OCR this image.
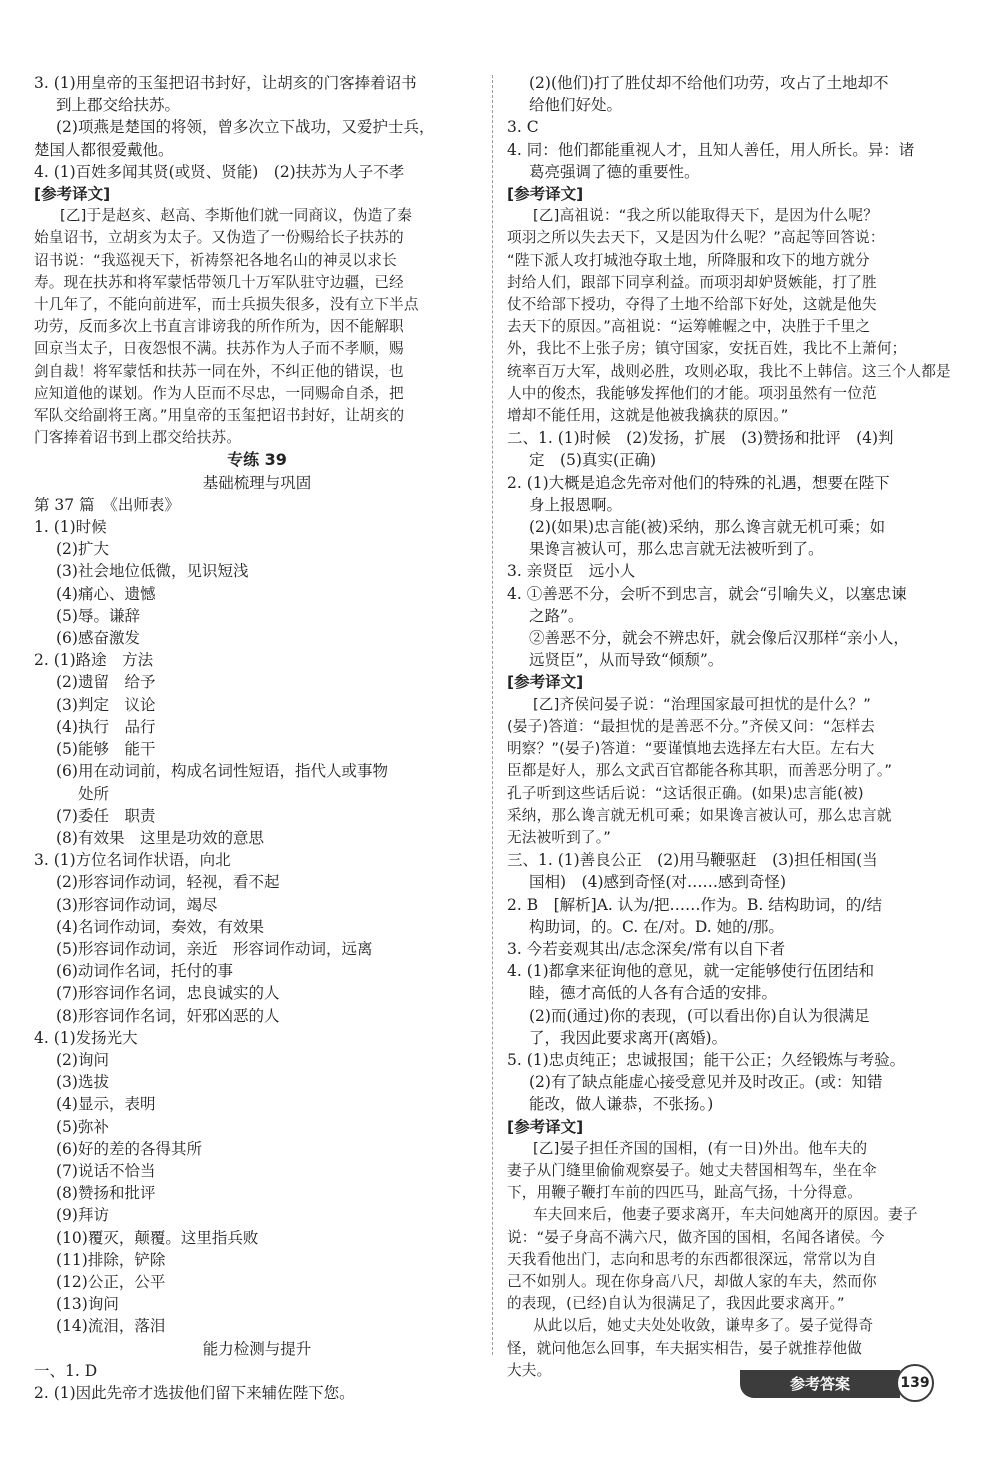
3. (1)用皇帝的玉玺把诏书封好，让胡亥的门客捧着诏书
到上郡交给扶苏。
(2)项燕是楚国的将领，曾多次立下战功，又爱护士兵，
楚国人都很爱戴他。
4. (1)百姓多闻其贤(或贤、贤能)　(2)扶苏为人子不孝
[参考译文]
[乙]于是赵亥、赵高、李斯他们就一同商议，伪造了秦
始皇诏书，立胡亥为太子。又伪造了一份赐给长子扶苏的
诏书说：“我巡视天下，祈祷祭祀各地名山的神灵以求长
寿。现在扶苏和将军蒙恬带领几十万军队驻守边疆，已经
十几年了，不能向前进军，而士兵损失很多，没有立下半点
功劳，反而多次上书直言诽谤我的所作所为，因不能解职
回京当太子，日夜怨恨不满。扶苏作为人子而不孝顺，赐
剑自裁！将军蒙恬和扶苏一同在外，不纠正他的错误，也
应知道他的谋划。作为人臣而不尽忠，一同赐命自杀，把
军队交给副将王离。”用皇帝的玉玺把诏书封好，让胡亥的
门客捧着诏书到上郡交给扶苏。
专练 39
基础梳理与巩固
第 37 篇　《出师表》
1. (1)时候
(2)扩大
(3)社会地位低微，见识短浅
(4)痛心、遗憾
(5)辱。谦辞
(6)感奋激发
2. (1)路途　方法
(2)遗留　给予
(3)判定　议论
(4)执行　品行
(5)能够　能干
(6)用在动词前，构成名词性短语，指代人或事物
处所
(7)委任　职责
(8)有效果　这里是功效的意思
3. (1)方位名词作状语，向北
(2)形容词作动词，轻视，看不起
(3)形容词作动词，竭尽
(4)名词作动词，奏效，有效果
(5)形容词作动词，亲近　形容词作动词，远离
(6)动词作名词，托付的事
(7)形容词作名词，忠良诚实的人
(8)形容词作名词，奸邪凶恶的人
4. (1)发扬光大
(2)询问
(3)选拔
(4)显示，表明
(5)弥补
(6)好的差的各得其所
(7)说话不恰当
(8)赞扬和批评
(9)拜访
(10)覆灭，颠覆。这里指兵败
(11)排除，铲除
(12)公正，公平
(13)询问
(14)流泪，落泪
能力检测与提升
一、1. D
2. (1)因此先帝才选拔他们留下来辅佐陛下您。
(2)(他们)打了胜仗却不给他们功劳，攻占了土地却不
给他们好处。
3. C
4. 同：他们都能重视人才，且知人善任，用人所长。异：诸
葛亮强调了德的重要性。
[参考译文]
[乙]高祖说：“我之所以能取得天下，是因为什么呢？
项羽之所以失去天下，又是因为什么呢？”高起等回答说：
“陛下派人攻打城池夺取土地，所降服和攻下的地方就分
封给人们，跟部下同享利益。而项羽却妒贤嫉能，打了胜
仗不给部下授功，夺得了土地不给部下好处，这就是他失
去天下的原因。”高祖说：“运筹帷幄之中，决胜于千里之
外，我比不上张子房；镇守国家，安抚百姓，我比不上萧何；
统率百万大军，战则必胜，攻则必取，我比不上韩信。这三个人都是
人中的俊杰，我能够发挥他们的才能。项羽虽然有一位范
增却不能任用，这就是他被我擒获的原因。”
二、1. (1)时候　(2)发扬，扩展　(3)赞扬和批评　(4)判
定　(5)真实(正确)
2. (1)大概是追念先帝对他们的特殊的礼遇，想要在陛下
身上报恩啊。
(2)(如果)忠言能(被)采纳，那么谗言就无机可乘；如
果谗言被认可，那么忠言就无法被听到了。
3. 亲贤臣　远小人
4. ①善恶不分，会听不到忠言，就会“引喻失义，以塞忠谏
之路”。
②善恶不分，就会不辨忠奸，就会像后汉那样“亲小人，
远贤臣”，从而导致“倾颓”。
[参考译文]
[乙]齐侯问晏子说：“治理国家最可担忧的是什么？”
(晏子)答道：“最担忧的是善恶不分。”齐侯又问：“怎样去
明察？”(晏子)答道：“要谨慎地去选择左右大臣。左右大
臣都是好人，那么文武百官都能各称其职，而善恶分明了。”
孔子听到这些话后说：“这话很正确。(如果)忠言能(被)
采纳，那么谗言就无机可乘；如果谗言被认可，那么忠言就
无法被听到了。”
三、1. (1)善良公正　(2)用马鞭驱赶　(3)担任相国(当
国相)　(4)感到奇怪(对……感到奇怪)
2. B　[解析]A. 认为/把……作为。B. 结构助词，的/结
构助词，的。C. 在/对。D. 她的/那。
3. 今若妾观其出/志念深矣/常有以自下者
4. (1)都拿来征询他的意见，就一定能够使行伍团结和
睦，德才高低的人各有合适的安排。
(2)而(通过)你的表现，(可以看出你)自认为很满足
了，我因此要求离开(离婚)。
5. (1)忠贞纯正；忠诚报国；能干公正；久经锻炼与考验。
(2)有了缺点能虚心接受意见并及时改正。(或：知错
能改，做人谦恭，不张扬。)
[参考译文]
[乙]晏子担任齐国的国相，(有一日)外出。他车夫的
妻子从门缝里偷偷观察晏子。她丈夫替国相驾车，坐在伞
下，用鞭子鞭打车前的四匹马，趾高气扬，十分得意。
车夫回来后，他妻子要求离开，车夫问她离开的原因。妻子
说：“晏子身高不满六尺，做齐国的国相，名闻各诸侯。今
天我看他出门，志向和思考的东西都很深远，常常以为自
己不如别人。现在你身高八尺，却做人家的车夫，然而你
的表现，(已经)自认为很满足了，我因此要求离开。”
从此以后，她丈夫处处收敛，谦卑多了。晏子觉得奇
怪，就问他怎么回事，车夫据实相告，晏子就推荐他做
大夫。
参考答案	139
